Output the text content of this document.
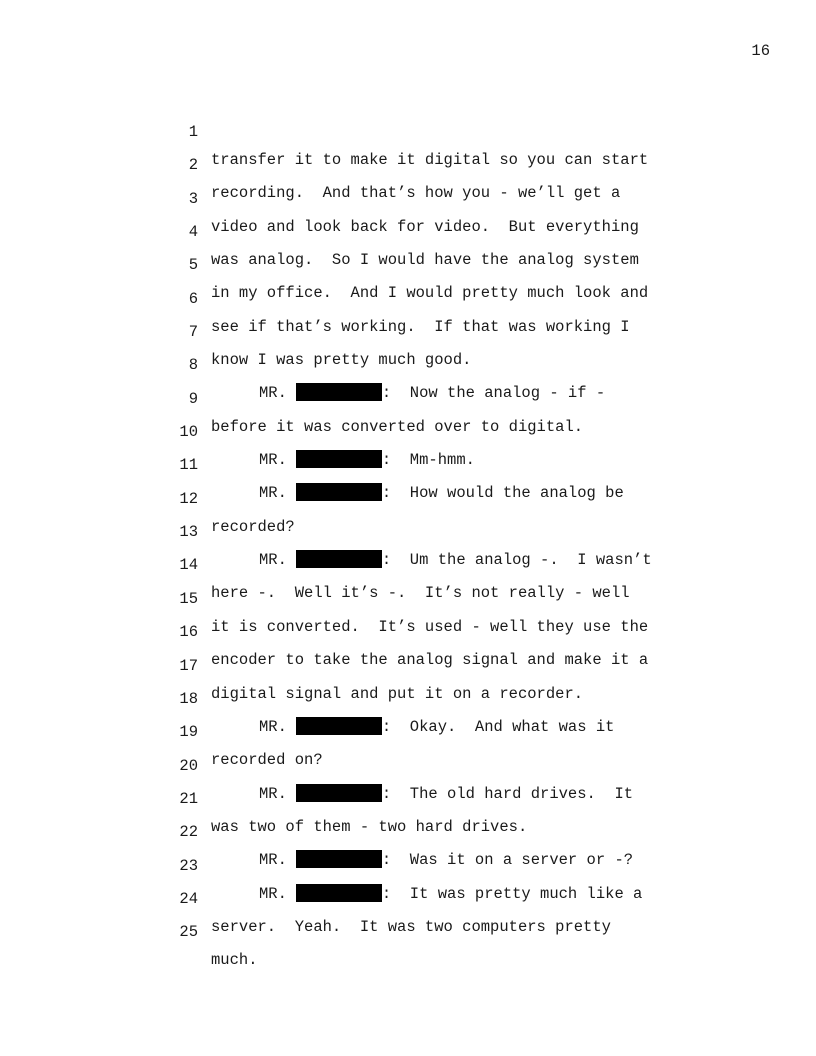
16

1

transfer it to make it digital so you can start

2

recording.  And that’s how you - we’ll get a

3

video and look back for video.  But everything

4

was analog.  So I would have the analog system

5

in my office.  And I would pretty much look and

6

see if that’s working.  If that was working I

7

know I was pretty much good.

8

MR.	:  Now the analog - if -

9

before it was converted over to digital.

10

MR.	:  Mm-hmm.

11

MR.	:  How would the analog be

12

recorded?

13

MR.	:  Um the analog -.  I wasn’t

14

here -.  Well it’s -.  It’s not really - well

15

it is converted.  It’s used - well they use the

16

encoder to take the analog signal and make it a

17

digital signal and put it on a recorder.

18

MR.	:  Okay.  And what was it

19

recorded on?

20

MR.	:  The old hard drives.  It

21

was two of them - two hard drives.

22

MR.	:  Was it on a server or -?

23

MR.	:  It was pretty much like a

24

server.  Yeah.  It was two computers pretty

25

much.
